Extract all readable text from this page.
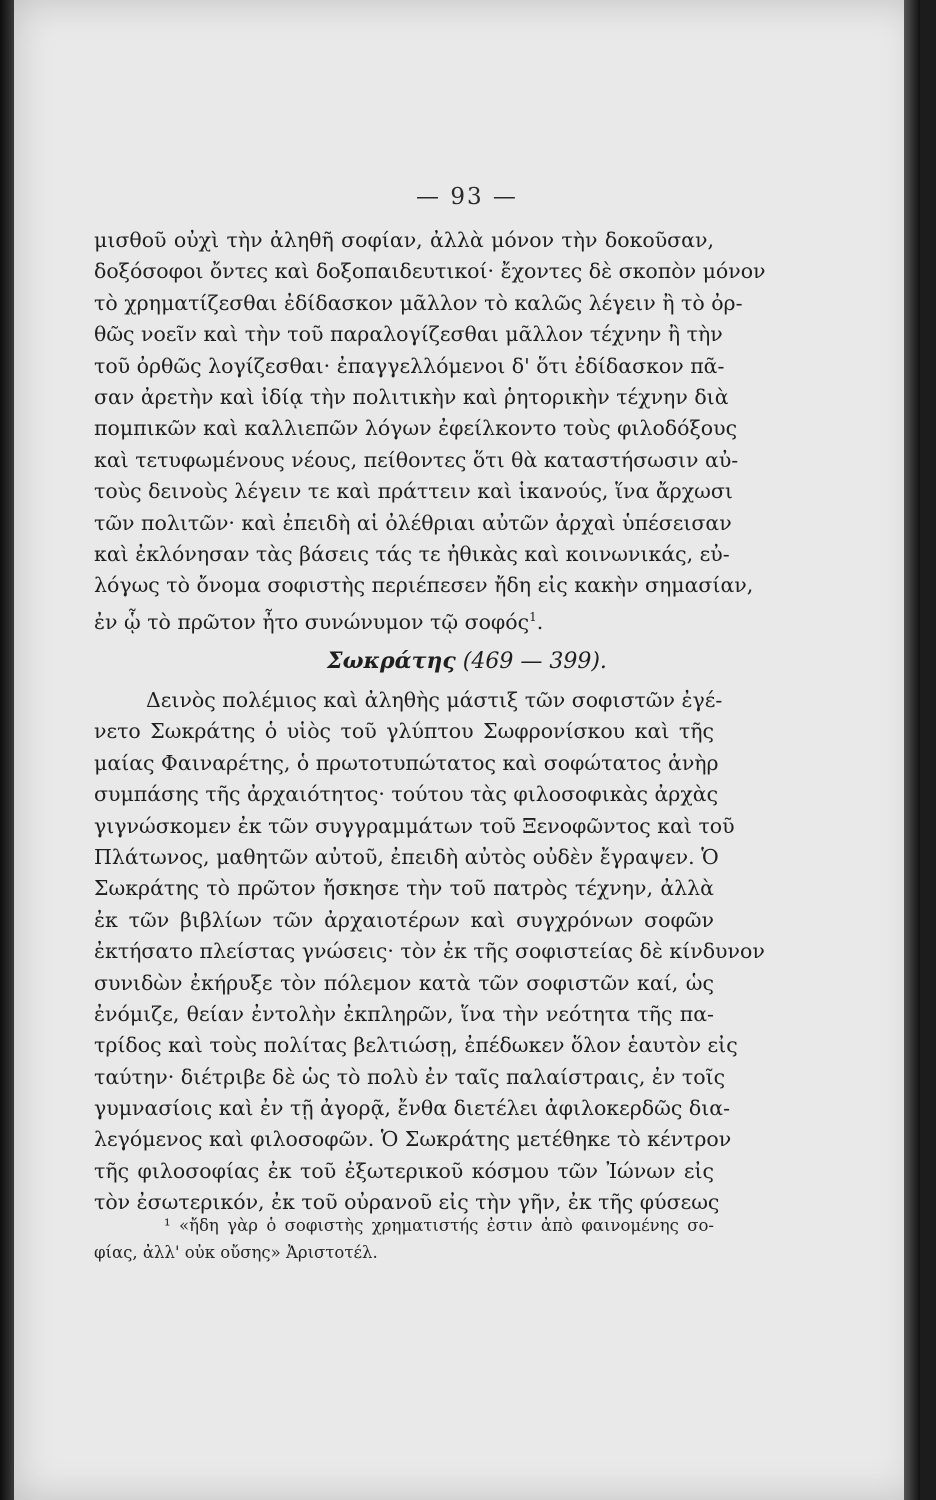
— 93 —
μισθοῦ οὐχὶ τὴν ἀληθῆ σοφίαν, ἀλλὰ μόνον τὴν δοκοῦσαν,
δοξόσοφοι ὄντες καὶ δοξοπαιδευτικοί· ἔχοντες δὲ σκοπὸν μόνον
τὸ χρηματίζεσθαι ἐδίδασκον μᾶλλον τὸ καλῶς λέγειν ἢ τὸ ὀρ-
θῶς νοεῖν καὶ τὴν τοῦ παραλογίζεσθαι μᾶλλον τέχνην ἢ τὴν
τοῦ ὀρθῶς λογίζεσθαι· ἐπαγγελλόμενοι δ' ὅτι ἐδίδασκον πᾶ-
σαν ἀρετὴν καὶ ἰδίᾳ τὴν πολιτικὴν καὶ ῥητορικὴν τέχνην διὰ
πομπικῶν καὶ καλλιεπῶν λόγων ἐφείλκοντο τοὺς φιλοδόξους
καὶ τετυφωμένους νέους, πείθοντες ὅτι θὰ καταστήσωσιν αὐ-
τοὺς δεινοὺς λέγειν τε καὶ πράττειν καὶ ἱκανούς, ἵνα ἄρχωσι
τῶν πολιτῶν· καὶ ἐπειδὴ αἱ ὀλέθριαι αὐτῶν ἀρχαὶ ὑπέσεισαν
καὶ ἐκλόνησαν τὰς βάσεις τάς τε ἠθικὰς καὶ κοινωνικάς, εὐ-
λόγως τὸ ὄνομα σοφιστὴς περιέπεσεν ἤδη εἰς κακὴν σημασίαν,
ἐν ᾧ τὸ πρῶτον ἦτο συνώνυμον τῷ σοφός$^1$.
Σωκράτης (469 — 399).
Δεινὸς πολέμιος καὶ ἀληθὴς μάστιξ τῶν σοφιστῶν ἐγέ-
νετο Σωκράτης ὁ υἱὸς τοῦ γλύπτου Σωφρονίσκου καὶ τῆς
μαίας Φαιναρέτης, ὁ πρωτοτυπώτατος καὶ σοφώτατος ἀνὴρ
συμπάσης τῆς ἀρχαιότητος· τούτου τὰς φιλοσοφικὰς ἀρχὰς
γιγνώσκομεν ἐκ τῶν συγγραμμάτων τοῦ Ξενοφῶντος καὶ τοῦ
Πλάτωνος, μαθητῶν αὐτοῦ, ἐπειδὴ αὐτὸς οὐδὲν ἔγραψεν. Ὁ
Σωκράτης τὸ πρῶτον ἤσκησε τὴν τοῦ πατρὸς τέχνην, ἀλλὰ
ἐκ τῶν βιβλίων τῶν ἀρχαιοτέρων καὶ συγχρόνων σοφῶν
ἐκτήσατο πλείστας γνώσεις· τὸν ἐκ τῆς σοφιστείας δὲ κίνδυνον
συνιδὼν ἐκήρυξε τὸν πόλεμον κατὰ τῶν σοφιστῶν καί, ὡς
ἐνόμιζε, θείαν ἐντολὴν ἐκπληρῶν, ἵνα τὴν νεότητα τῆς πα-
τρίδος καὶ τοὺς πολίτας βελτιώσῃ, ἐπέδωκεν ὅλον ἑαυτὸν εἰς
ταύτην· διέτριβε δὲ ὡς τὸ πολὺ ἐν ταῖς παλαίστραις, ἐν τοῖς
γυμνασίοις καὶ ἐν τῇ ἀγορᾷ, ἔνθα διετέλει ἀφιλοκερδῶς δια-
λεγόμενος καὶ φιλοσοφῶν. Ὁ Σωκράτης μετέθηκε τὸ κέντρον
τῆς φιλοσοφίας ἐκ τοῦ ἐξωτερικοῦ κόσμου τῶν Ἰώνων εἰς
τὸν ἐσωτερικόν, ἐκ τοῦ οὐρανοῦ εἰς τὴν γῆν, ἐκ τῆς φύσεως
¹ «ἤδη γὰρ ὁ σοφιστὴς χρηματιστής ἐστιν ἀπὸ φαινομένης σο-
φίας, ἀλλ' οὐκ οὔσης» Ἀριστοτέλ.
